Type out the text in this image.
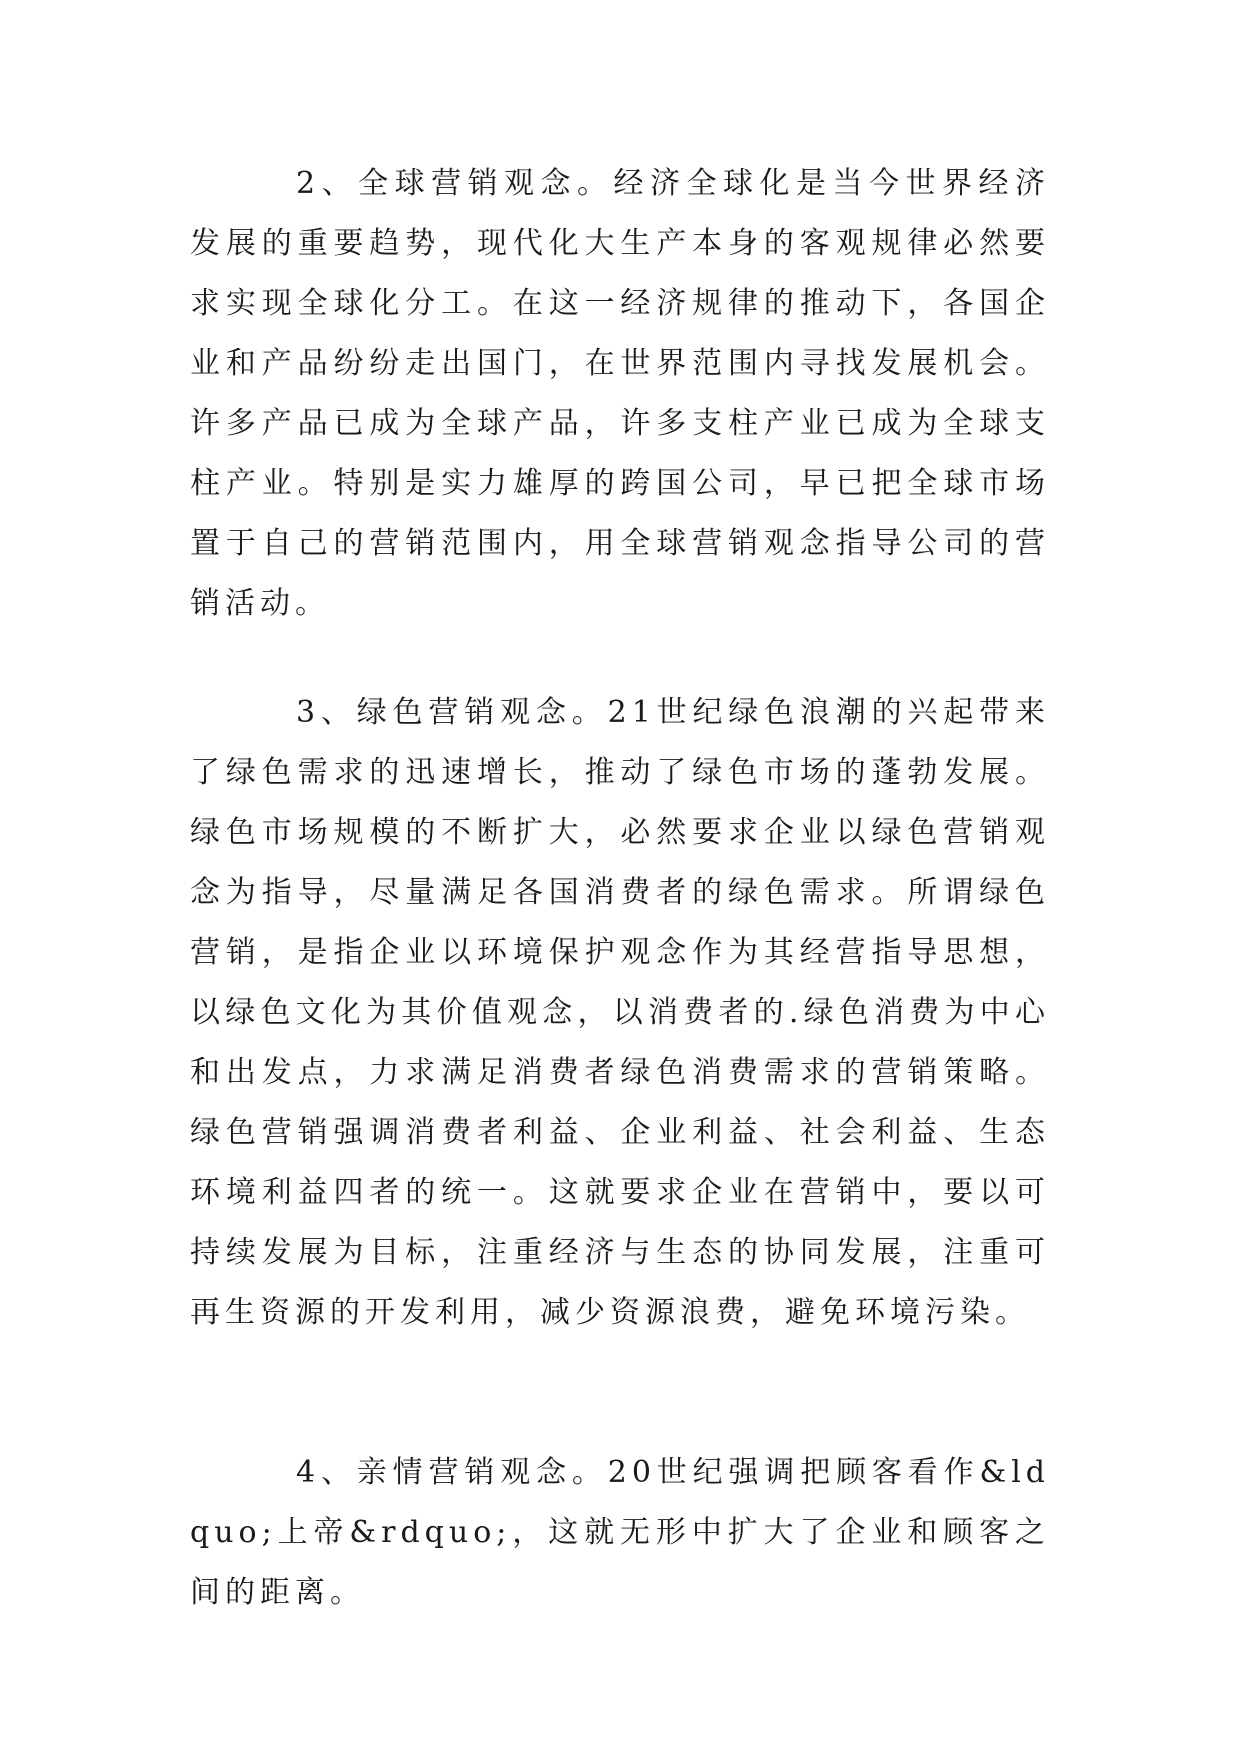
2、全球营销观念。经济全球化是当今世界经济发展的重要趋势，现代化大生产本身的客观规律必然要求实现全球化分工。在这一经济规律的推动下，各国企业和产品纷纷走出国门，在世界范围内寻找发展机会。许多产品已成为全球产品，许多支柱产业已成为全球支柱产业。特别是实力雄厚的跨国公司，早已把全球市场置于自己的营销范围内，用全球营销观念指导公司的营销活动。

3、绿色营销观念。21世纪绿色浪潮的兴起带来了绿色需求的迅速增长，推动了绿色市场的蓬勃发展。绿色市场规模的不断扩大，必然要求企业以绿色营销观念为指导，尽量满足各国消费者的绿色需求。所谓绿色营销，是指企业以环境保护观念作为其经营指导思想，以绿色文化为其价值观念，以消费者的.绿色消费为中心和出发点，力求满足消费者绿色消费需求的营销策略。绿色营销强调消费者利益、企业利益、社会利益、生态环境利益四者的统一。这就要求企业在营销中，要以可持续发展为目标，注重经济与生态的协同发展，注重可再生资源的开发利用，减少资源浪费，避免环境污染。

4、亲情营销观念。20世纪强调把顾客看作&ldquo;上帝&rdquo;，这就无形中扩大了企业和顾客之间的距离。
